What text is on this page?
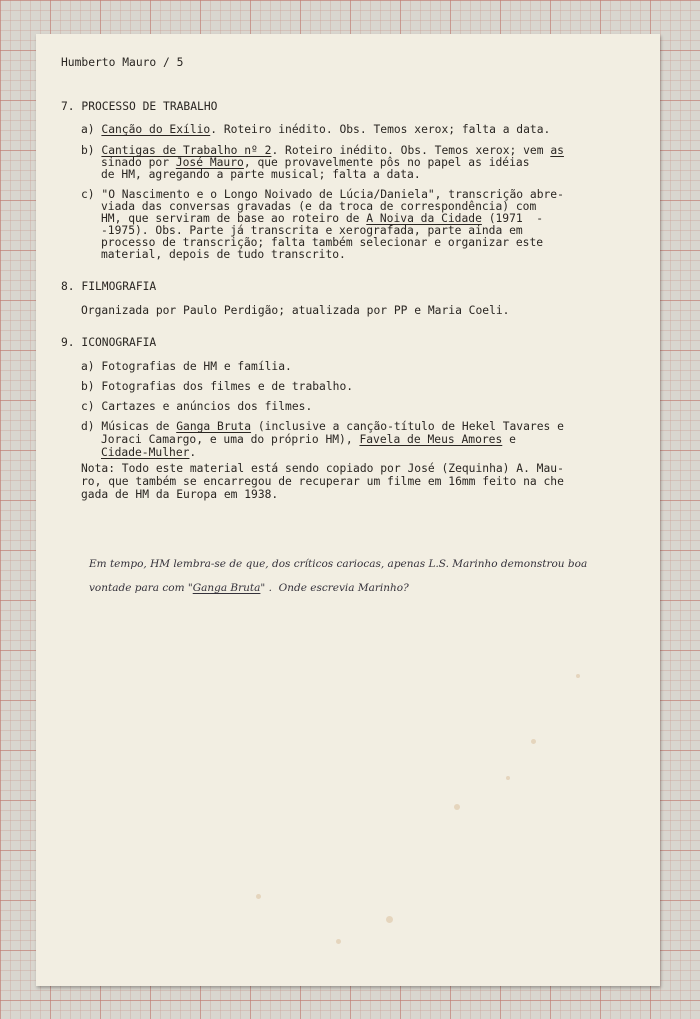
Humberto Mauro / 5
7. PROCESSO DE TRABALHO
a) Canção do Exílio. Roteiro inédito. Obs. Temos xerox; falta a data.
b) Cantigas de Trabalho nº 2. Roteiro inédito. Obs. Temos xerox; vem as
sinado por José Mauro, que provavelmente pôs no papel as idéias
de HM, agregando a parte musical; falta a data.
c) "O Nascimento e o Longo Noivado de Lúcia/Daniela", transcrição abre-
viada das conversas gravadas (e da troca de correspondência) com
HM, que serviram de base ao roteiro de A Noiva da Cidade (1971  -
-1975). Obs. Parte já transcrita e xerografada, parte ainda em
processo de transcrição; falta também selecionar e organizar este
material, depois de tudo transcrito.
8. FILMOGRAFIA
Organizada por Paulo Perdigão; atualizada por PP e Maria Coeli.
9. ICONOGRAFIA
a) Fotografias de HM e família.
b) Fotografias dos filmes e de trabalho.
c) Cartazes e anúncios dos filmes.
d) Músicas de Ganga Bruta (inclusive a canção-título de Hekel Tavares e
Joraci Camargo, e uma do próprio HM), Favela de Meus Amores e
Cidade-Mulher.
Nota: Todo este material está sendo copiado por José (Zequinha) A. Mau-
ro, que também se encarregou de recuperar um filme em 16mm feito na che
gada de HM da Europa em 1938.
Em tempo, HM lembra-se de que, dos críticos cariocas, apenas L.S. Marinho demonstrou boa
vontade para com "Ganga Bruta" .  Onde escrevia Marinho?
